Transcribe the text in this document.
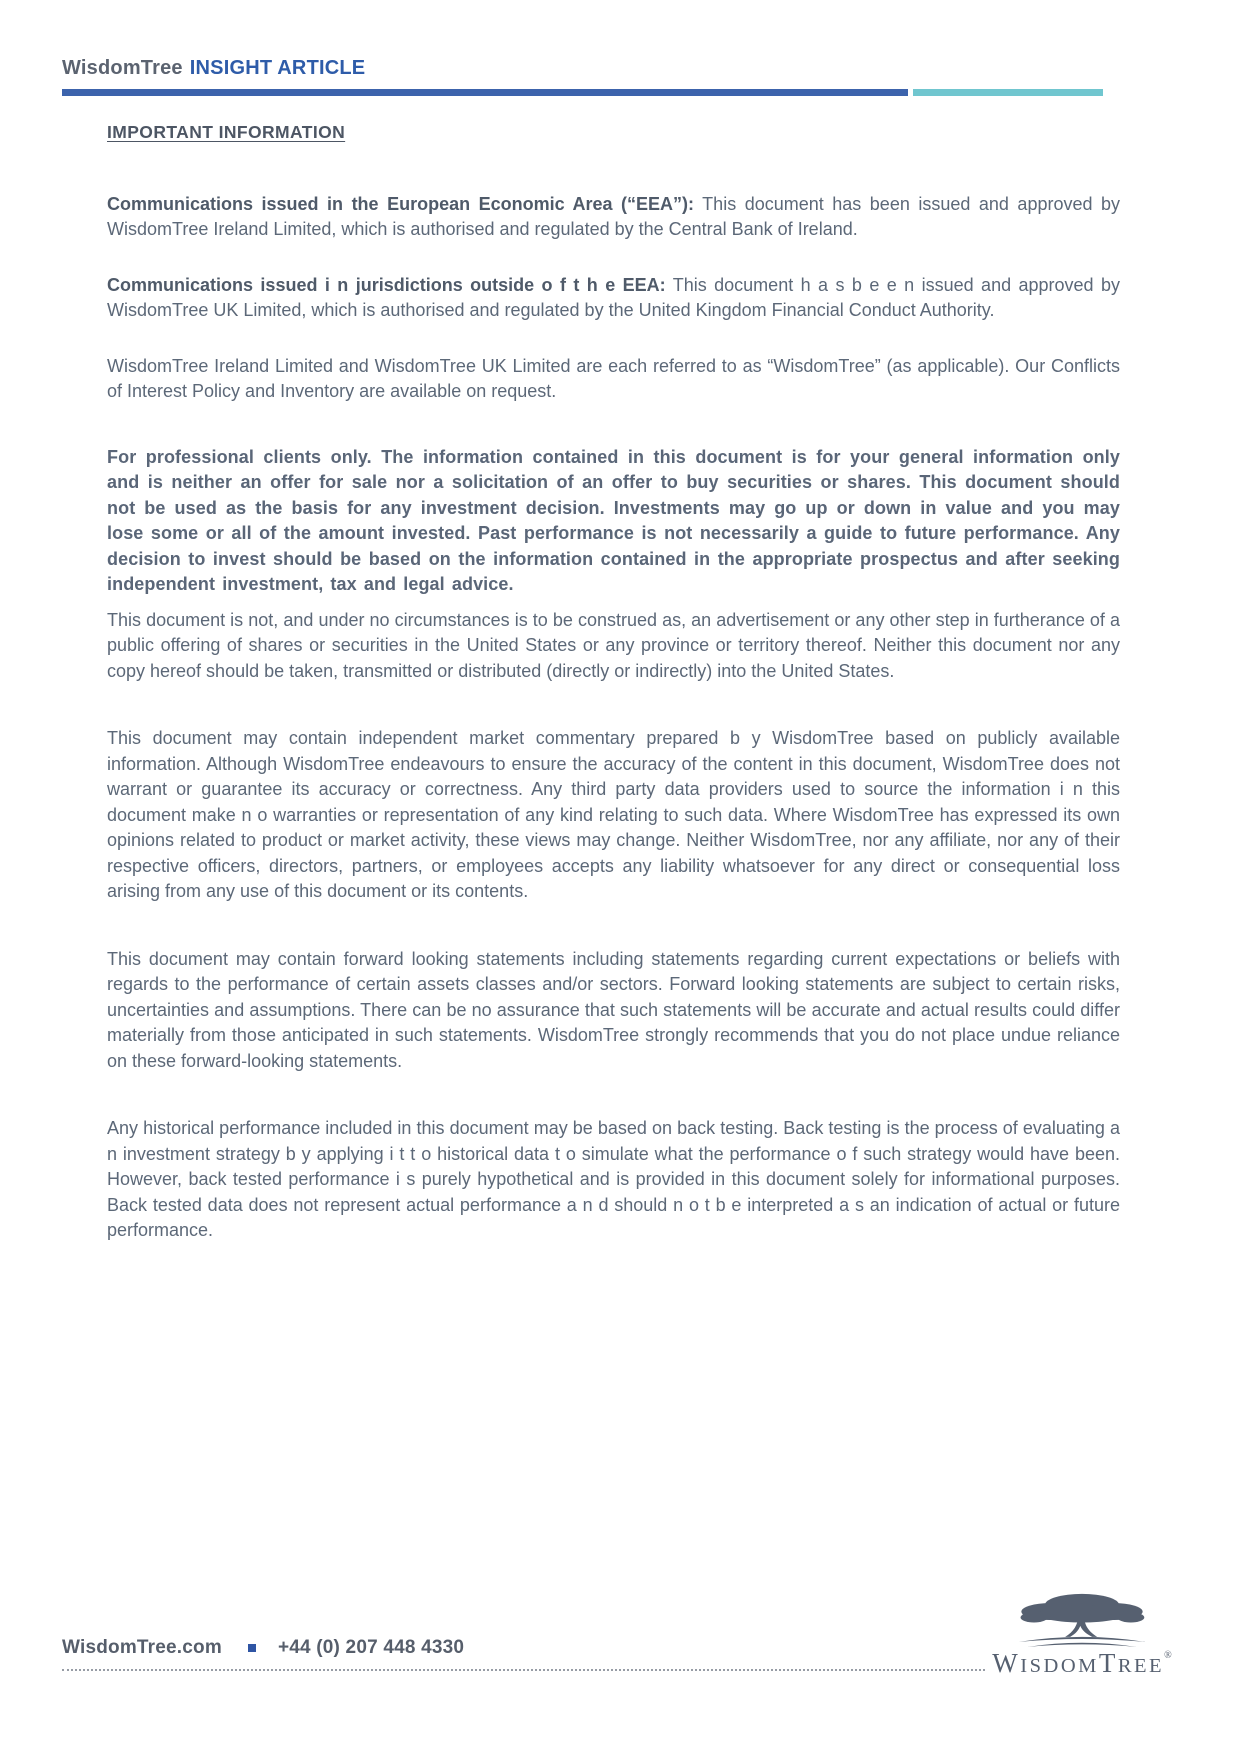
WisdomTree INSIGHT ARTICLE
IMPORTANT INFORMATION

Communications issued in the European Economic Area (“EEA”): This document has been issued and approved by WisdomTree Ireland Limited, which is authorised and regulated by the Central Bank of Ireland.

Communications issued i n jurisdictions outside o f t h e EEA: This document h a s b e e n issued and approved by WisdomTree UK Limited, which is authorised and regulated by the United Kingdom Financial Conduct Authority.

WisdomTree Ireland Limited and WisdomTree UK Limited are each referred to as “WisdomTree” (as applicable). Our Conflicts of Interest Policy and Inventory are available on request.

For professional clients only. The information contained in this document is for your general information only and is neither an offer for sale nor a solicitation of an offer to buy securities or shares. This document should not be used as the basis for any investment decision. Investments may go up or down in value and you may lose some or all of the amount invested. Past performance is not necessarily a guide to future performance. Any decision to invest should be based on the information contained in the appropriate prospectus and after seeking independent investment, tax and legal advice.

This document is not, and under no circumstances is to be construed as, an advertisement or any other step in furtherance of a public offering of shares or securities in the United States or any province or territory thereof. Neither this document nor any copy hereof should be taken, transmitted or distributed (directly or indirectly) into the United States.

This document may contain independent market commentary prepared b y WisdomTree based on publicly available information. Although WisdomTree endeavours to ensure the accuracy of the content in this document, WisdomTree does not warrant or guarantee its accuracy or correctness. Any third party data providers used to source the information i n this document make n o warranties or representation of any kind relating to such data. Where WisdomTree has expressed its own opinions related to product or market activity, these views may change. Neither WisdomTree, nor any affiliate, nor any of their respective officers, directors, partners, or employees accepts any liability whatsoever for any direct or consequential loss arising from any use of this document or its contents.

This document may contain forward looking statements including statements regarding current expectations or beliefs with regards to the performance of certain assets classes and/or sectors. Forward looking statements are subject to certain risks, uncertainties and assumptions. There can be no assurance that such statements will be accurate and actual results could differ materially from those anticipated in such statements. WisdomTree strongly recommends that you do not place undue reliance on these forward-looking statements.

Any historical performance included in this document may be based on back testing. Back testing is the process of evaluating a n investment strategy b y applying i t t o historical data t o simulate what the performance o f such strategy would have been. However, back tested performance i s purely hypothetical and is provided in this document solely for informational purposes. Back tested data does not represent actual performance a n d should n o t b e interpreted a s an indication of actual or future performance.

WISDOMTREE®
WisdomTree.com	+44 (0) 207 448 4330
